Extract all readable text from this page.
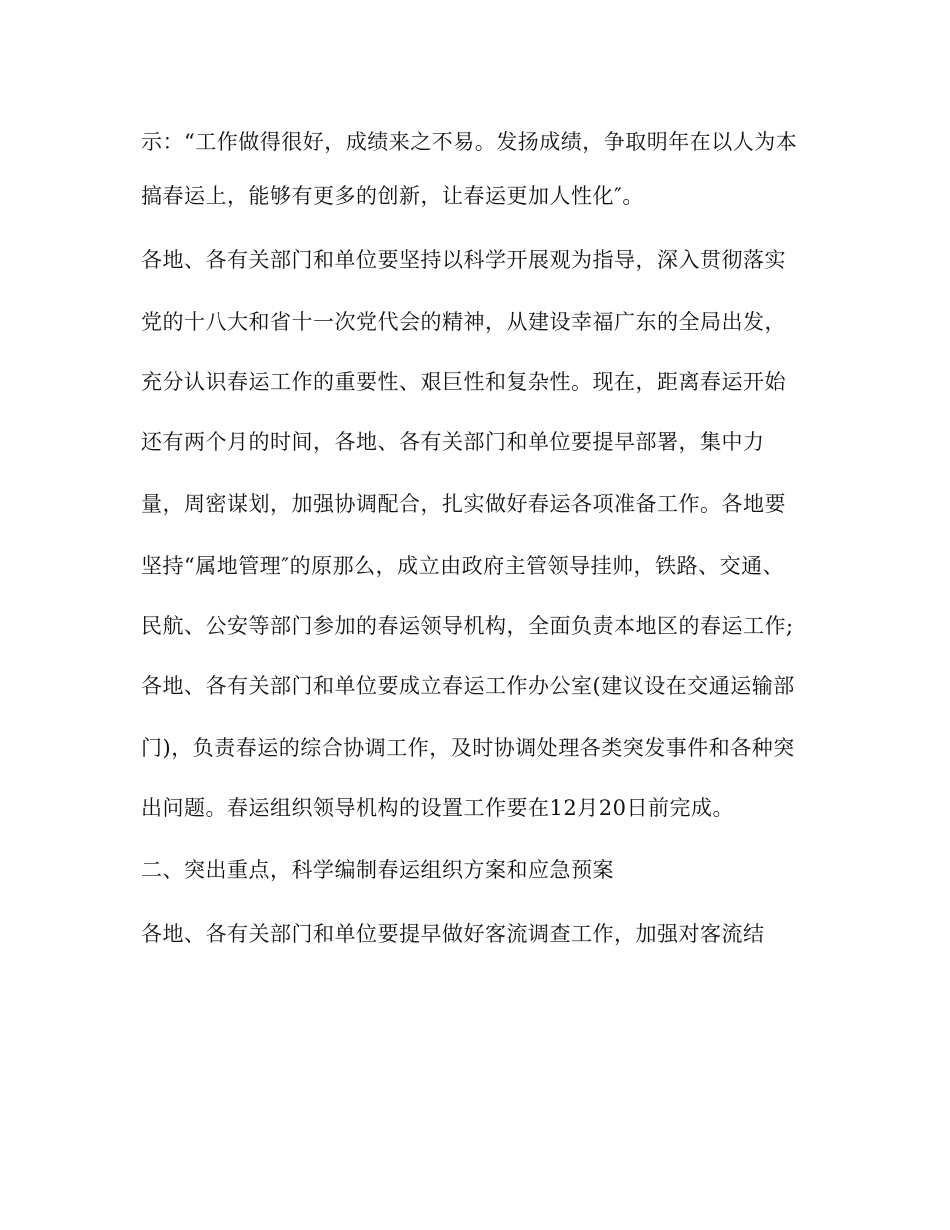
示：“工作做得很好，成绩来之不易。发扬成绩，争取明年在以人为本
搞春运上，能够有更多的创新，让春运更加人性化″。
各地、各有关部门和单位要坚持以科学开展观为指导，深入贯彻落实
党的十八大和省十一次党代会的精神，从建设幸福广东的全局出发，
充分认识春运工作的重要性、艰巨性和复杂性。现在，距离春运开始
还有两个月的时间，各地、各有关部门和单位要提早部署，集中力
量，周密谋划，加强协调配合，扎实做好春运各项准备工作。各地要
坚持“属地管理″的原那么，成立由政府主管领导挂帅，铁路、交通、
民航、公安等部门参加的春运领导机构，全面负责本地区的春运工作;
各地、各有关部门和单位要成立春运工作办公室(建议设在交通运输部
门)，负责春运的综合协调工作，及时协调处理各类突发事件和各种突
出问题。春运组织领导机构的设置工作要在12月20日前完成。
二、突出重点，科学编制春运组织方案和应急预案
各地、各有关部门和单位要提早做好客流调查工作，加强对客流结
